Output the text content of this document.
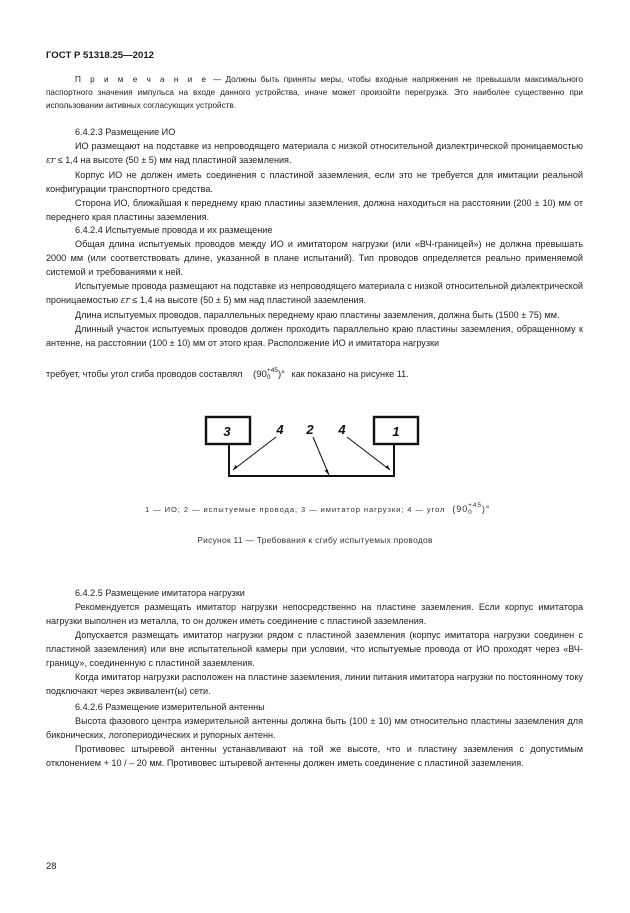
ГОСТ Р 51318.25—2012

П р и м е ч а н и е — Должны быть приняты меры, чтобы входные напряжения не превышали максимального паспортного значения импульса на входе данного устройства, иначе может произойти перегрузка. Это наиболее существенно при использовании активных согласующих устройств.

6.4.2.3 Размещение ИО

ИО размещают на подставке из непроводящего материала с низкой относительной диэлектрической проницаемостью εr ≤ 1,4 на высоте (50 ± 5) мм над пластиной заземления.

Корпус ИО не должен иметь соединения с пластиной заземления, если это не требуется для имитации реальной конфигурации транспортного средства.

Сторона ИО, ближайшая к переднему краю пластины заземления, должна находиться на расстоянии (200 ± 10) мм от переднего края пластины заземления.

6.4.2.4 Испытуемые провода и их размещение

Общая длина испытуемых проводов между ИО и имитатором нагрузки (или «ВЧ-границей») не должна превышать 2000 мм (или соответствовать длине, указанной в плане испытаний). Тип проводов определяется реально применяемой системой и требованиями к ней.

Испытуемые провода размещают на подставке из непроводящего материала с низкой относительной диэлектрической проницаемостью εr ≤ 1,4 на высоте (50 ± 5) мм над пластиной заземления.

Длина испытуемых проводов, параллельных переднему краю пластины заземления, должна быть (1500 ± 75) мм.

Длинный участок испытуемых проводов должен проходить параллельно краю пластины заземления, обращенному к антенне, на расстоянии (100 ± 10) мм от этого края. Расположение ИО и имитатора нагрузки

требует, чтобы угол сгиба проводов составлял (90 +45
0 )° как показано на рисунке 11.
3	1
4 2 4
1 — ИО; 2 — испытуемые провода; 3 — имитатор нагрузки; 4 — угол (90 +45
0	)°
Рисунок 11 — Требования к сгибу испытуемых проводов

6.4.2.5 Размещение имитатора нагрузки

Рекомендуется размещать имитатор нагрузки непосредственно на пластине заземления. Если корпус имитатора нагрузки выполнен из металла, то он должен иметь соединение с пластиной заземления.

Допускается размещать имитатор нагрузки рядом с пластиной заземления (корпус имитатора нагрузки соединен с пластиной заземления) или вне испытательной камеры при условии, что испытуемые провода от ИО проходят через «ВЧ-границу», соединенную с пластиной заземления.

Когда имитатор нагрузки расположен на пластине заземления, линии питания имитатора нагрузки по постоянному току подключают через эквивалент(ы) сети.

6.4.2.6 Размещение измерительной антенны

Высота фазового центра измерительной антенны должна быть (100 ± 10) мм относительно пластины заземления для биконических, логопериодических и рупорных антенн.

Противовес штыревой антенны устанавливают на той же высоте, что и пластину заземления с допустимым отклонением + 10 / – 20 мм. Противовес штыревой антенны должен иметь соединение с пластиной заземления.

28
